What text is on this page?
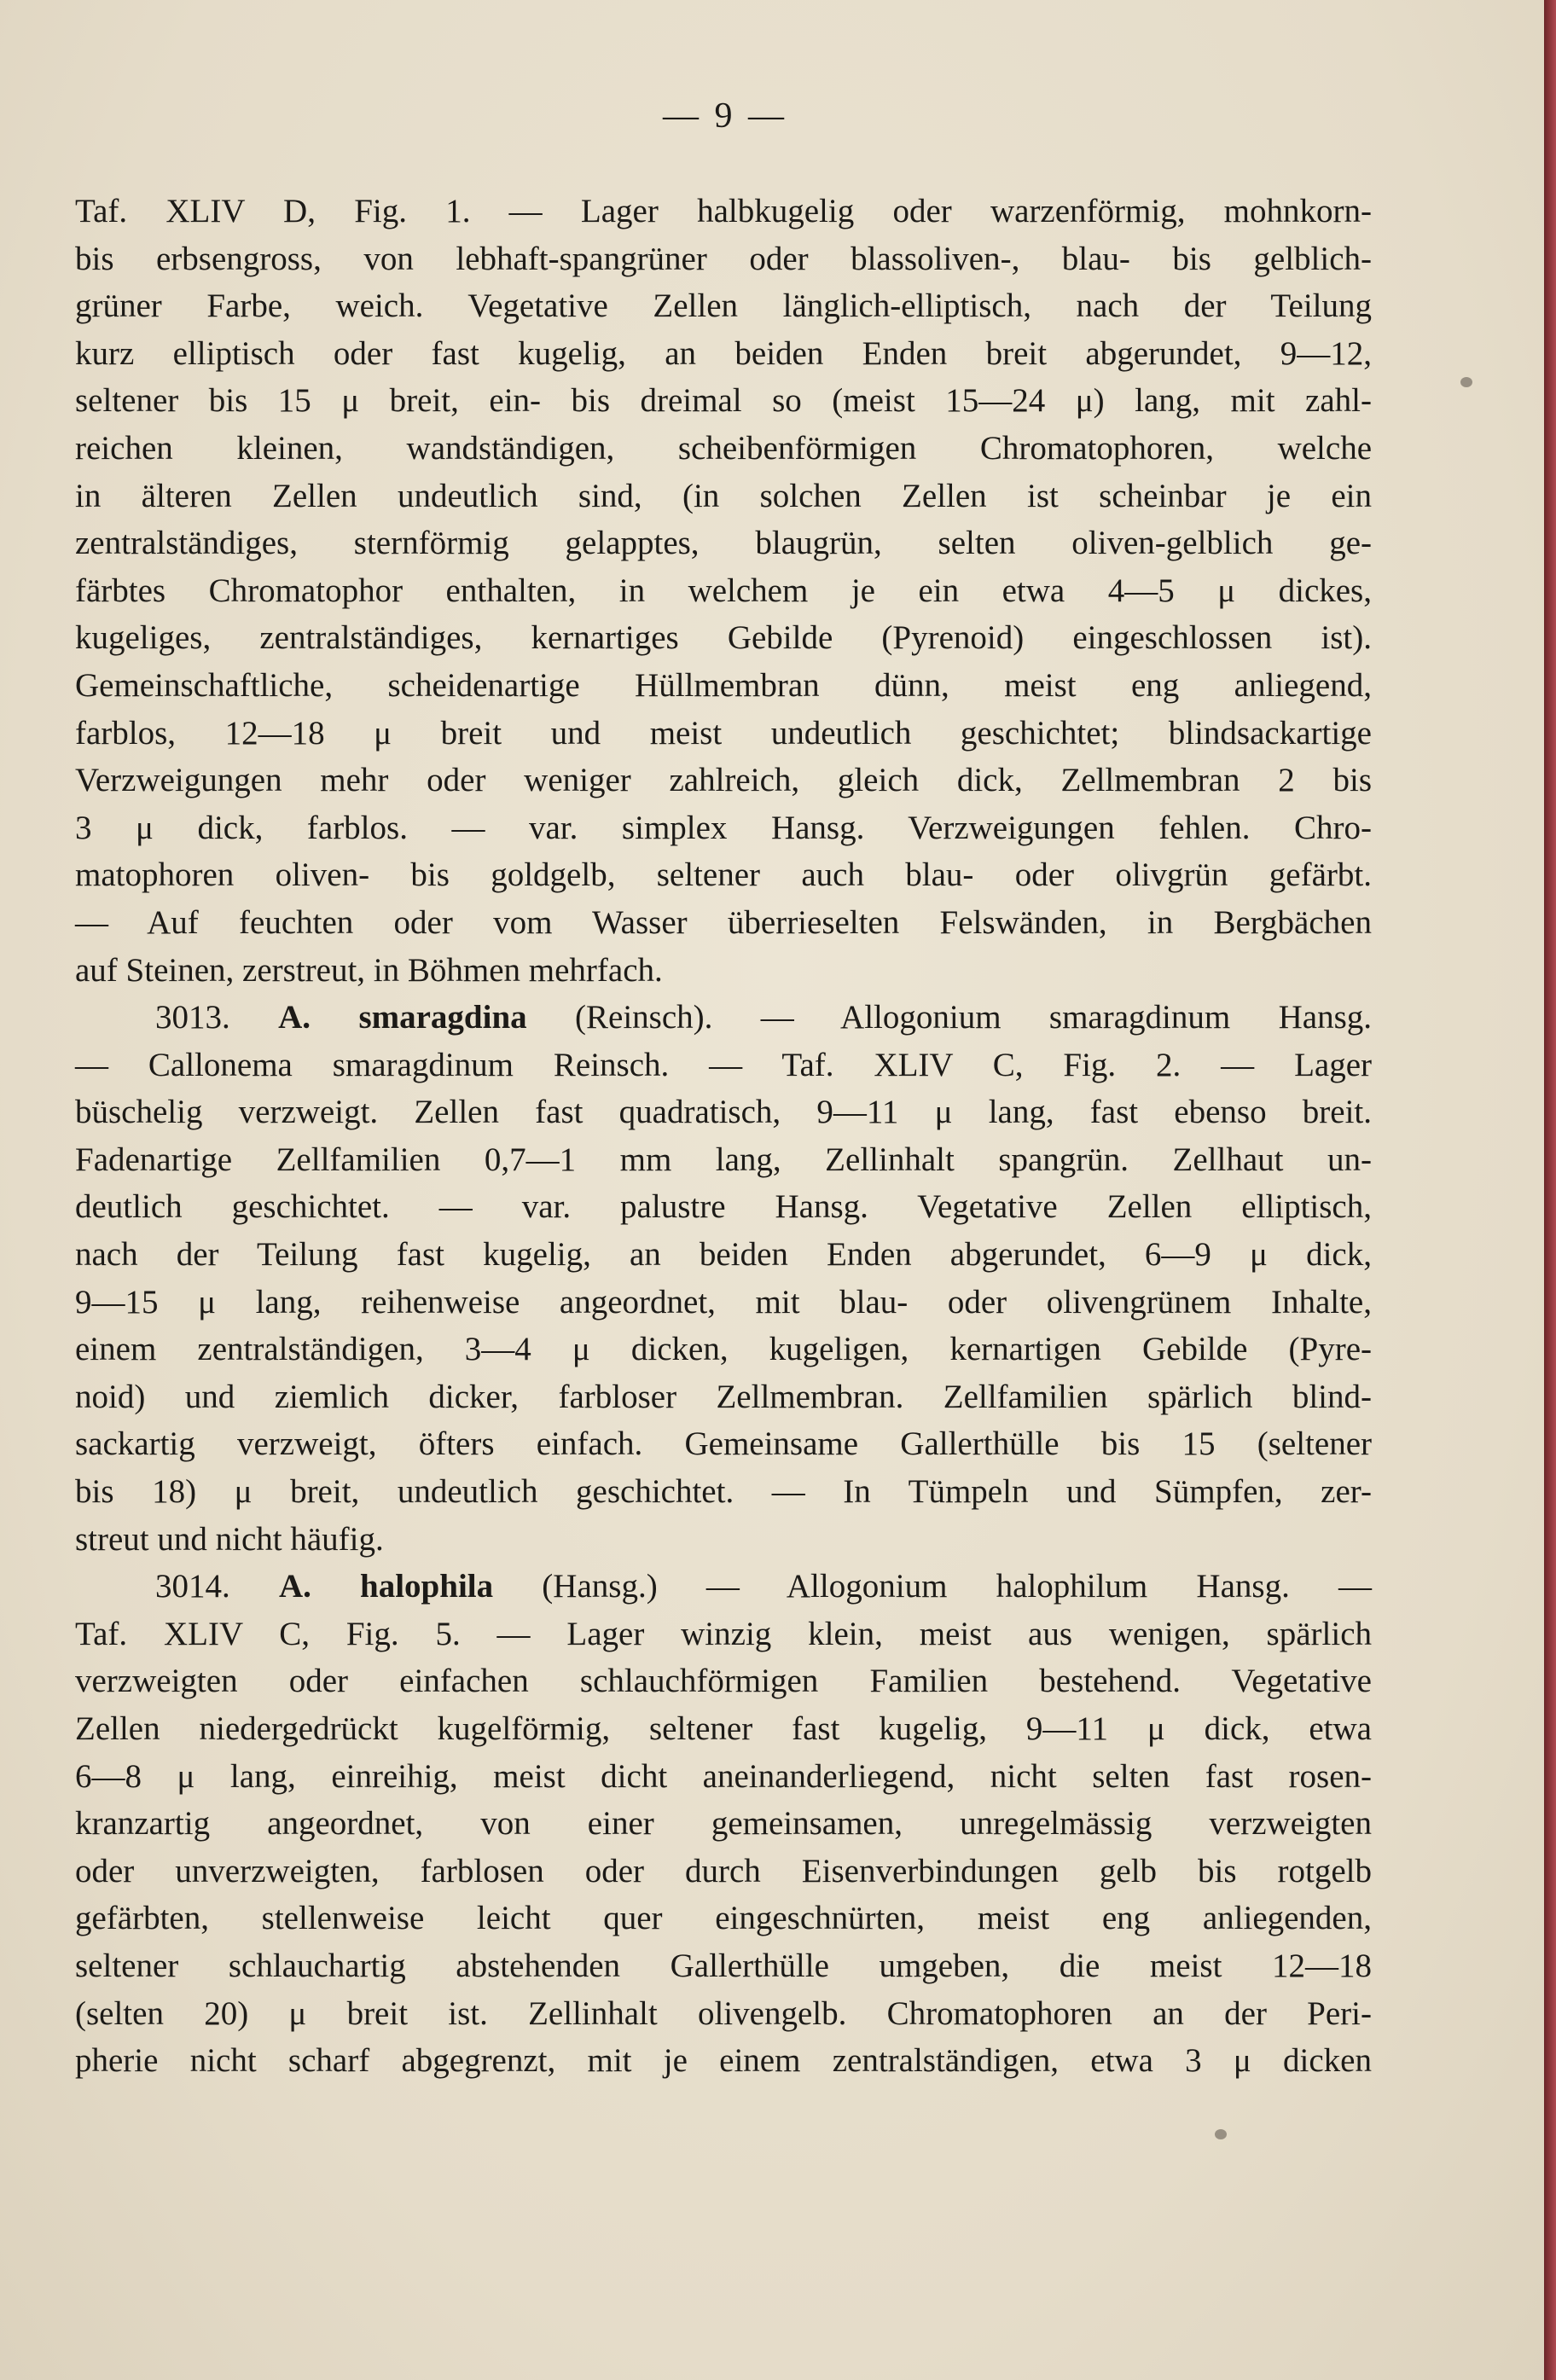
— 9 —
Taf. XLIV D, Fig. 1. — Lager halbkugelig oder warzenförmig, mohnkorn-
bis erbsengross, von lebhaft-spangrüner oder blassoliven-, blau- bis gelblich-
grüner Farbe, weich. Vegetative Zellen länglich-elliptisch, nach der Teilung
kurz elliptisch oder fast kugelig, an beiden Enden breit abgerundet, 9—12,
seltener bis 15 μ breit, ein- bis dreimal so (meist 15—24 μ) lang, mit zahl-
reichen kleinen, wandständigen, scheibenförmigen Chromatophoren, welche
in älteren Zellen undeutlich sind, (in solchen Zellen ist scheinbar je ein
zentralständiges, sternförmig gelapptes, blaugrün, selten oliven-gelblich ge-
färbtes Chromatophor enthalten, in welchem je ein etwa 4—5 μ dickes,
kugeliges, zentralständiges, kernartiges Gebilde (Pyrenoid) eingeschlossen ist).
Gemeinschaftliche, scheidenartige Hüllmembran dünn, meist eng anliegend,
farblos, 12—18 μ breit und meist undeutlich geschichtet; blindsackartige
Verzweigungen mehr oder weniger zahlreich, gleich dick, Zellmembran 2 bis
3 μ dick, farblos. — var. simplex Hansg. Verzweigungen fehlen. Chro-
matophoren oliven- bis goldgelb, seltener auch blau- oder olivgrün gefärbt.
— Auf feuchten oder vom Wasser überrieselten Felswänden, in Bergbächen
auf Steinen, zerstreut, in Böhmen mehrfach.
3013. A. smaragdina (Reinsch). — Allogonium smaragdinum Hansg.
— Callonema smaragdinum Reinsch. — Taf. XLIV C, Fig. 2. — Lager
büschelig verzweigt. Zellen fast quadratisch, 9—11 μ lang, fast ebenso breit.
Fadenartige Zellfamilien 0,7—1 mm lang, Zellinhalt spangrün. Zellhaut un-
deutlich geschichtet. — var. palustre Hansg. Vegetative Zellen elliptisch,
nach der Teilung fast kugelig, an beiden Enden abgerundet, 6—9 μ dick,
9—15 μ lang, reihenweise angeordnet, mit blau- oder olivengrünem Inhalte,
einem zentralständigen, 3—4 μ dicken, kugeligen, kernartigen Gebilde (Pyre-
noid) und ziemlich dicker, farbloser Zellmembran. Zellfamilien spärlich blind-
sackartig verzweigt, öfters einfach. Gemeinsame Gallerthülle bis 15 (seltener
bis 18) μ breit, undeutlich geschichtet. — In Tümpeln und Sümpfen, zer-
streut und nicht häufig.
3014. A. halophila (Hansg.) — Allogonium halophilum Hansg. —
Taf. XLIV C, Fig. 5. — Lager winzig klein, meist aus wenigen, spärlich
verzweigten oder einfachen schlauchförmigen Familien bestehend. Vegetative
Zellen niedergedrückt kugelförmig, seltener fast kugelig, 9—11 μ dick, etwa
6—8 μ lang, einreihig, meist dicht aneinanderliegend, nicht selten fast rosen-
kranzartig angeordnet, von einer gemeinsamen, unregelmässig verzweigten
oder unverzweigten, farblosen oder durch Eisenverbindungen gelb bis rotgelb
gefärbten, stellenweise leicht quer eingeschnürten, meist eng anliegenden,
seltener schlauchartig abstehenden Gallerthülle umgeben, die meist 12—18
(selten 20) μ breit ist. Zellinhalt olivengelb. Chromatophoren an der Peri-
pherie nicht scharf abgegrenzt, mit je einem zentralständigen, etwa 3 μ dicken
